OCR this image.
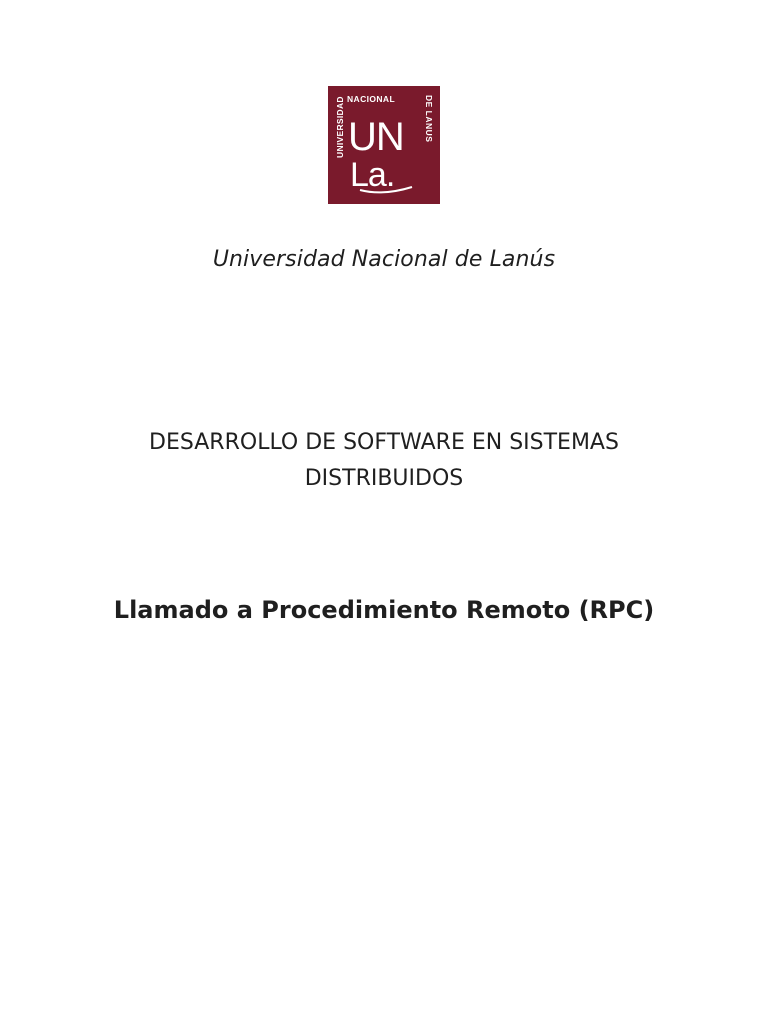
UNIVERSIDAD NACIONAL	DE LANUS
UN
La.
Universidad Nacional de Lanús
DESARROLLO DE SOFTWARE EN SISTEMAS
DISTRIBUIDOS
Llamado a Procedimiento Remoto (RPC)
